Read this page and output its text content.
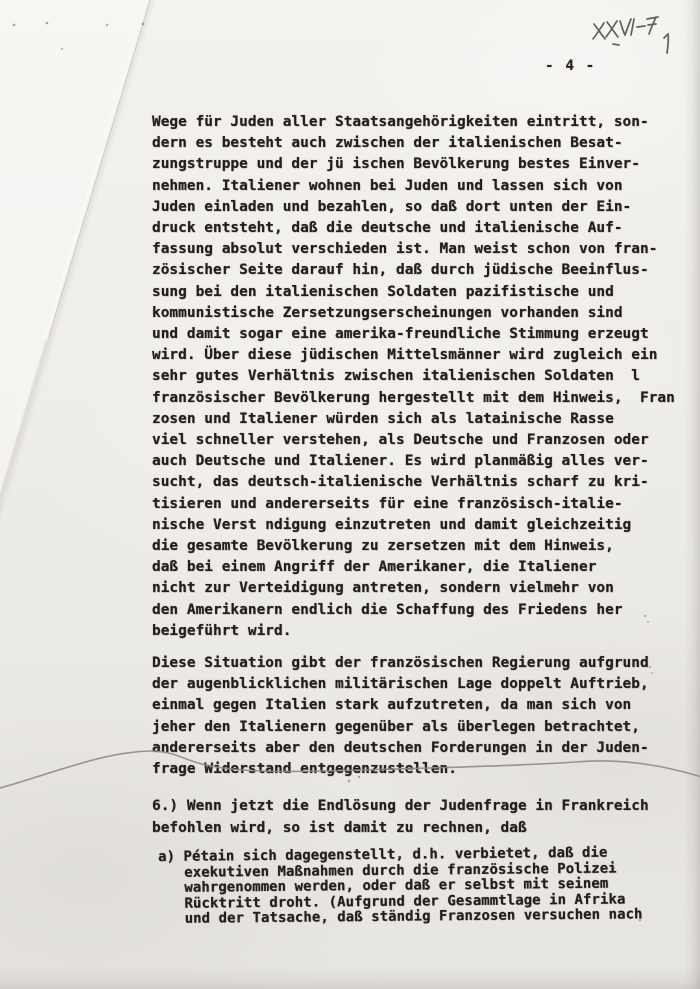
- 4 -
Wege für Juden aller Staatsangehörigkeiten eintritt, son-
dern es besteht auch zwischen der italienischen Besat-
zungstruppe und der jü ischen Bevölkerung bestes Einver-
nehmen. Italiener wohnen bei Juden und lassen sich von
Juden einladen und bezahlen, so daß dort unten der Ein-
druck entsteht, daß die deutsche und italienische Auf-
fassung absolut verschieden ist. Man weist schon von fran-
zösischer Seite darauf hin, daß durch jüdische Beeinflus-
sung bei den italienischen Soldaten pazifistische und
kommunistische Zersetzungserscheinungen vorhanden sind
und damit sogar eine amerika-freundliche Stimmung erzeugt
wird. Über diese jüdischen Mittelsmänner wird zugleich ein
sehr gutes Verhältnis zwischen italienischen Soldaten  l
französischer Bevölkerung hergestellt mit dem Hinweis,  Fran
zosen und Italiener würden sich als latainische Rasse
viel schneller verstehen, als Deutsche und Franzosen oder
auch Deutsche und Italiener. Es wird planmäßig alles ver-
sucht, das deutsch-italienische Verhältnis scharf zu kri-
tisieren und andererseits für eine französisch-italie-
nische Verst ndigung einzutreten und damit gleichzeitig
die gesamte Bevölkerung zu zersetzen mit dem Hinweis,
daß bei einem Angriff der Amerikaner, die Italiener
nicht zur Verteidigung antreten, sondern vielmehr von
den Amerikanern endlich die Schaffung des Friedens her
beigeführt wird.
Diese Situation gibt der französischen Regierung aufgrund
der augenblicklichen militärischen Lage doppelt Auftrieb,
einmal gegen Italien stark aufzutreten, da man sich von
jeher den Italienern gegenüber als überlegen betrachtet,
andererseits aber den deutschen Forderungen in der Juden-
frage Widerstand entgegenzustellen.
6.) Wenn jetzt die Endlösung der Judenfrage in Frankreich
befohlen wird, so ist damit zu rechnen, daß
a) Pétain sich dagegenstellt, d.h. verbietet, daß die
exekutiven Maßnahmen durch die französische Polizei
wahrgenommen werden, oder daß er selbst mit seinem
Rücktritt droht. (Aufgrund der Gesammtlage in Afrika
und der Tatsache, daß ständig Franzosen versuchen nach
